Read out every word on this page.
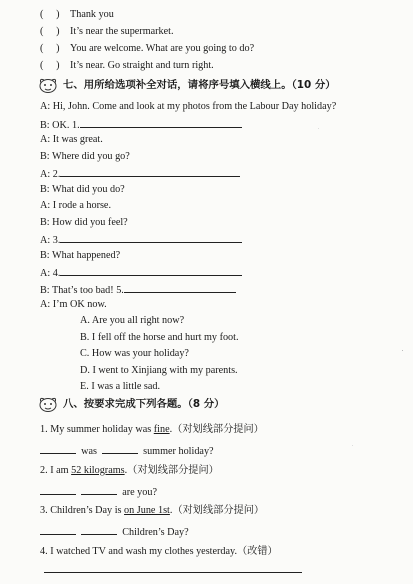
( ) Thank you
( ) It’s near the supermarket.
( ) You are welcome. What are you going to do?
( ) It’s near. Go straight and turn right.
七、用所给选项补全对话，请将序号填入横线上。（10 分）
A: Hi, John. Come and look at my photos from the Labour Day holiday?
B: OK. 1.
A: It was great.
B: Where did you go?
A: 2.
B: What did you do?
A: I rode a horse.
B: How did you feel?
A: 3.
B: What happened?
A: 4.
B: That’s too bad! 5.
A: I’m OK now.
A. Are you all right now?
B. I fell off the horse and hurt my foot.
C. How was your holiday?
D. I went to Xinjiang with my parents.
E. I was a little sad.
八、按要求完成下列各题。（8 分）
1. My summer holiday was fine.（对划线部分提问）
was	summer holiday?
2. I am 52 kilograms.（对划线部分提问）
are you?
3. Children’s Day is on June 1st.（对划线部分提问）
Children’s Day?
4. I watched TV and wash my clothes yesterday.（改错）
